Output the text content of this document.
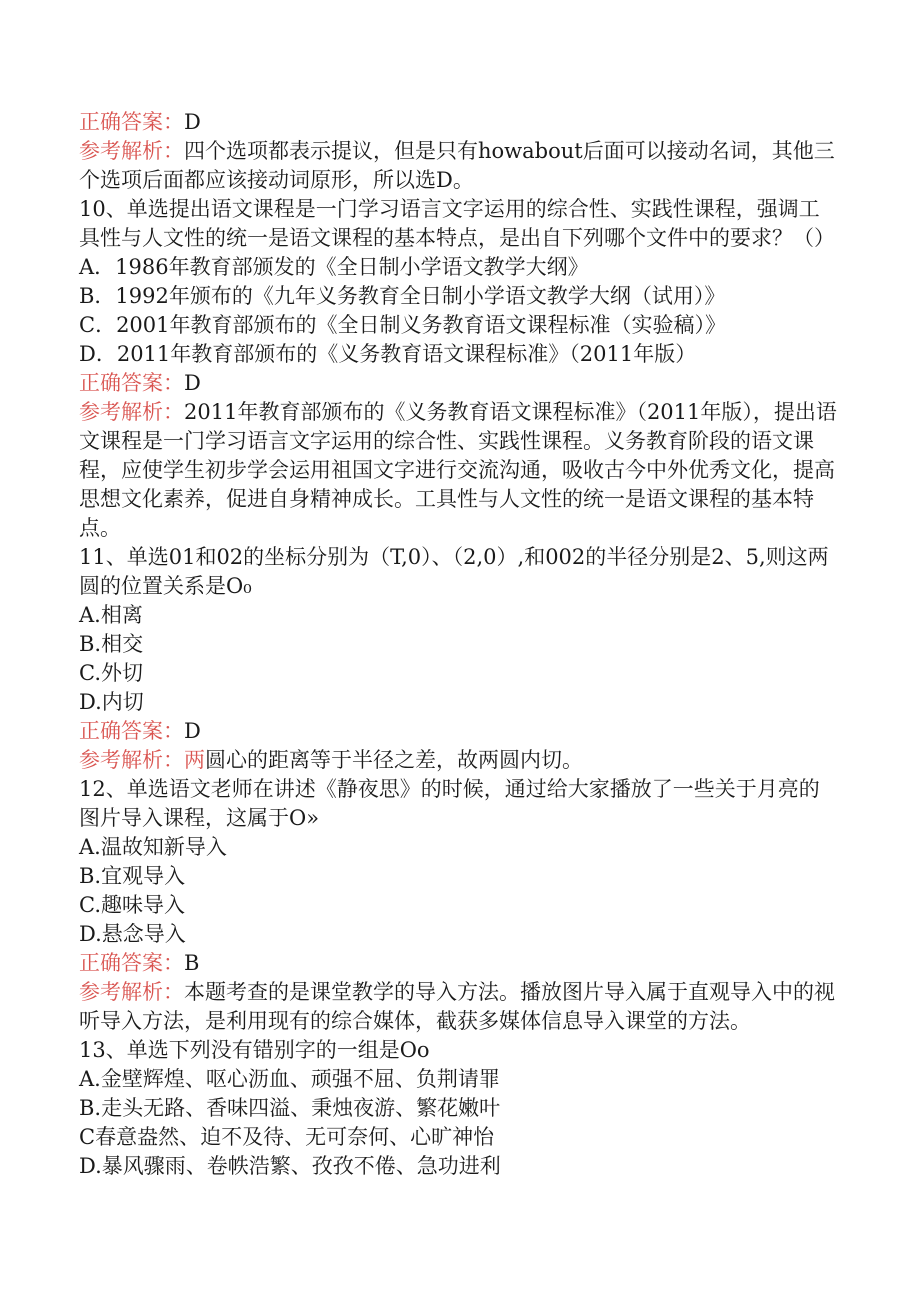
正确答案：D

参考解析：四个选项都表示提议，但是只有howabout后面可以接动名词，其他三个选项后面都应该接动词原形，所以选D。

10、单选提出语文课程是一门学习语言文字运用的综合性、实践性课程，强调工具性与人文性的统一是语文课程的基本特点，是出自下列哪个文件中的要求？（）

A．1986年教育部颁发的《全日制小学语文教学大纲》

B．1992年颁布的《九年义务教育全日制小学语文教学大纲（试用）》

C．2001年教育部颁布的《全日制义务教育语文课程标准（实验稿）》

D．2011年教育部颁布的《义务教育语文课程标准》（2011年版）

正确答案：D

参考解析：2011年教育部颁布的《义务教育语文课程标准》（2011年版），提出语文课程是一门学习语言文字运用的综合性、实践性课程。义务教育阶段的语文课程，应使学生初步学会运用祖国文字进行交流沟通，吸收古今中外优秀文化，提高思想文化素养，促进自身精神成长。工具性与人文性的统一是语文课程的基本特点。

11、单选01和02的坐标分别为（T,0）、（2,0）,和002的半径分别是2、5,则这两圆的位置关系是O₀

A.相离

B.相交

C.外切

D.内切

正确答案：D

参考解析：两圆心的距离等于半径之差，故两圆内切。

12、单选语文老师在讲述《静夜思》的时候，通过给大家播放了一些关于月亮的图片导入课程，这属于O»

A.温故知新导入

B.宜观导入

C.趣味导入

D.悬念导入

正确答案：B

参考解析：本题考查的是课堂教学的导入方法。播放图片导入属于直观导入中的视听导入方法，是利用现有的综合媒体，截获多媒体信息导入课堂的方法。

13、单选下列没有错别字的一组是Oo

A.金壁辉煌、呕心沥血、顽强不屈、负荆请罪

B.走头无路、香味四溢、秉烛夜游、繁花嫩叶

C春意盎然、迫不及待、无可奈何、心旷神怡

D.暴风骤雨、卷帙浩繁、孜孜不倦、急功进利
